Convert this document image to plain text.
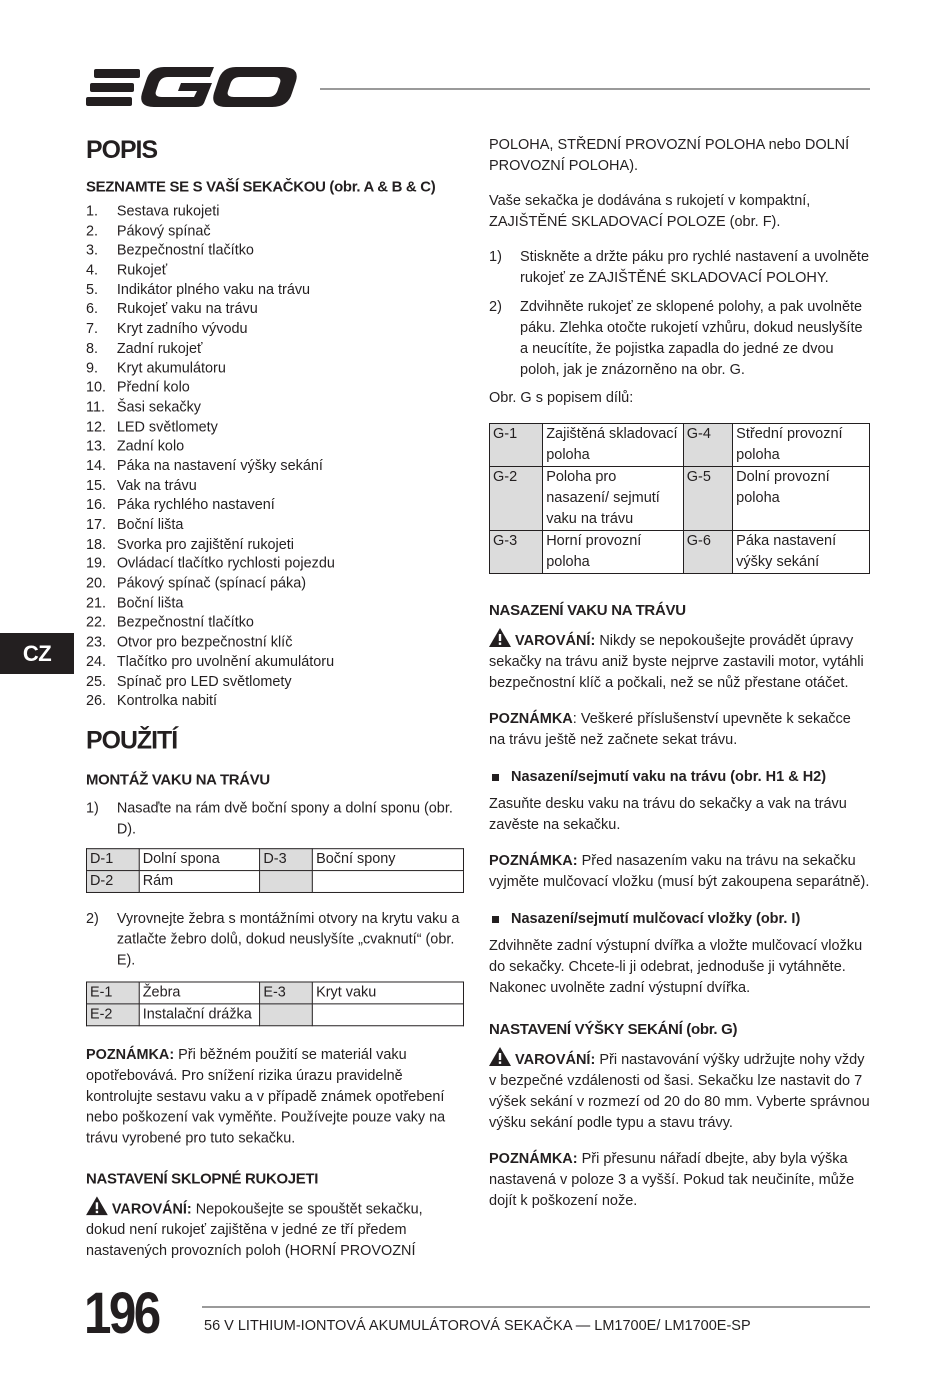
CZ
POPIS
SEZNAMTE SE S VAŠÍ SEKAČKOU (obr. A & B & C)
1.	Sestava rukojeti
2.	Pákový spínač
3.	Bezpečnostní tlačítko
4.	Rukojeť
5.	Indikátor plného vaku na trávu
6.	Rukojeť vaku na trávu
7.	Kryt zadního vývodu
8.	Zadní rukojeť
9.	Kryt akumulátoru
10. Přední kolo
11. Šasi sekačky
12. LED světlomety
13. Zadní kolo
14. Páka na nastavení výšky sekání
15. Vak na trávu
16. Páka rychlého nastavení
17. Boční lišta
18. Svorka pro zajištění rukojeti
19. Ovládací tlačítko rychlosti pojezdu
20. Pákový spínač (spínací páka)
21. Boční lišta
22. Bezpečnostní tlačítko
23. Otvor pro bezpečnostní klíč
24. Tlačítko pro uvolnění akumulátoru
25. Spínač pro LED světlomety
26. Kontrolka nabití
POUŽITÍ
MONTÁŽ VAKU NA TRÁVU
1)	Nasaďte na rám dvě boční spony a dolní sponu (obr. D).
D-1	Dolní spona	D-3	Boční spony
D-2	Rám		
2)	Vyrovnejte žebra s montážními otvory na krytu vaku a zatlačte žebro dolů, dokud neuslyšíte „cvaknutí“ (obr. E).
E-1	Žebra	E-3	Kryt vaku
E-2	Instalační drážka		

POZNÁMKA: Při běžném použití se materiál vaku opotřebovává. Pro snížení rizika úrazu pravidelně kontrolujte sestavu vaku a v případě známek opotřebení nebo poškození vak vyměňte. Používejte pouze vaky na trávu vyrobené pro tuto sekačku.

NASTAVENÍ SKLOPNÉ RUKOJETI

VAROVÁNÍ: Nepokoušejte se spouštět sekačku, dokud není rukojeť zajištěna v jedné ze tří předem nastavených provozních poloh (HORNÍ PROVOZNÍ

POLOHA, STŘEDNÍ PROVOZNÍ POLOHA nebo DOLNÍ PROVOZNÍ POLOHA).

Vaše sekačka je dodávána s rukojetí v kompaktní, ZAJIŠTĚNÉ SKLADOVACÍ POLOZE (obr. F).

1)	Stiskněte a držte páku pro rychlé nastavení a uvolněte rukojeť ze ZAJIŠTĚNÉ SKLADOVACÍ POLOHY.
2)	Zdvihněte rukojeť ze sklopené polohy, a pak uvolněte páku. Zlehka otočte rukojetí vzhůru, dokud neuslyšíte a neucítíte, že pojistka zapadla do jedné ze dvou poloh, jak je znázorněno na obr. G.

Obr. G s popisem dílů:

G-1	Zajištěná skladovací poloha	G-4	Střední provozní poloha
G-2	Poloha pro nasazení/ sejmutí vaku na trávu	G-5	Dolní provozní poloha
G-3	Horní provozní poloha	G-6	Páka nastavení výšky sekání
NASAZENÍ VAKU NA TRÁVU

VAROVÁNÍ: Nikdy se nepokoušejte provádět úpravy sekačky na trávu aniž byste nejprve zastavili motor, vytáhli bezpečnostní klíč a počkali, než se nůž přestane otáčet.

POZNÁMKA: Veškeré příslušenství upevněte k sekačce na trávu ještě než začnete sekat trávu.

Nasazení/sejmutí vaku na trávu (obr. H1 & H2)

Zasuňte desku vaku na trávu do sekačky a vak na trávu zavěste na sekačku.

POZNÁMKA: Před nasazením vaku na trávu na sekačku vyjměte mulčovací vložku (musí být zakoupena separátně).

Nasazení/sejmutí mulčovací vložky (obr. I)

Zdvihněte zadní výstupní dvířka a vložte mulčovací vložku do sekačky. Chcete-li ji odebrat, jednoduše ji vytáhněte. Nakonec uvolněte zadní výstupní dvířka.

NASTAVENÍ VÝŠKY SEKÁNÍ (obr. G)

VAROVÁNÍ: Při nastavování výšky udržujte nohy vždy v bezpečné vzdálenosti od šasi. Sekačku lze nastavit do 7 výšek sekání v rozmezí od 20 do 80 mm. Vyberte správnou výšku sekání podle typu a stavu trávy.

POZNÁMKA: Při přesunu nářadí dbejte, aby byla výška nastavená v poloze 3 a vyšší. Pokud tak neučiníte, může dojít k poškození nože.

196	56 V LITHIUM-IONTOVÁ AKUMULÁTOROVÁ SEKAČKA — LM1700E/ LM1700E-SP
